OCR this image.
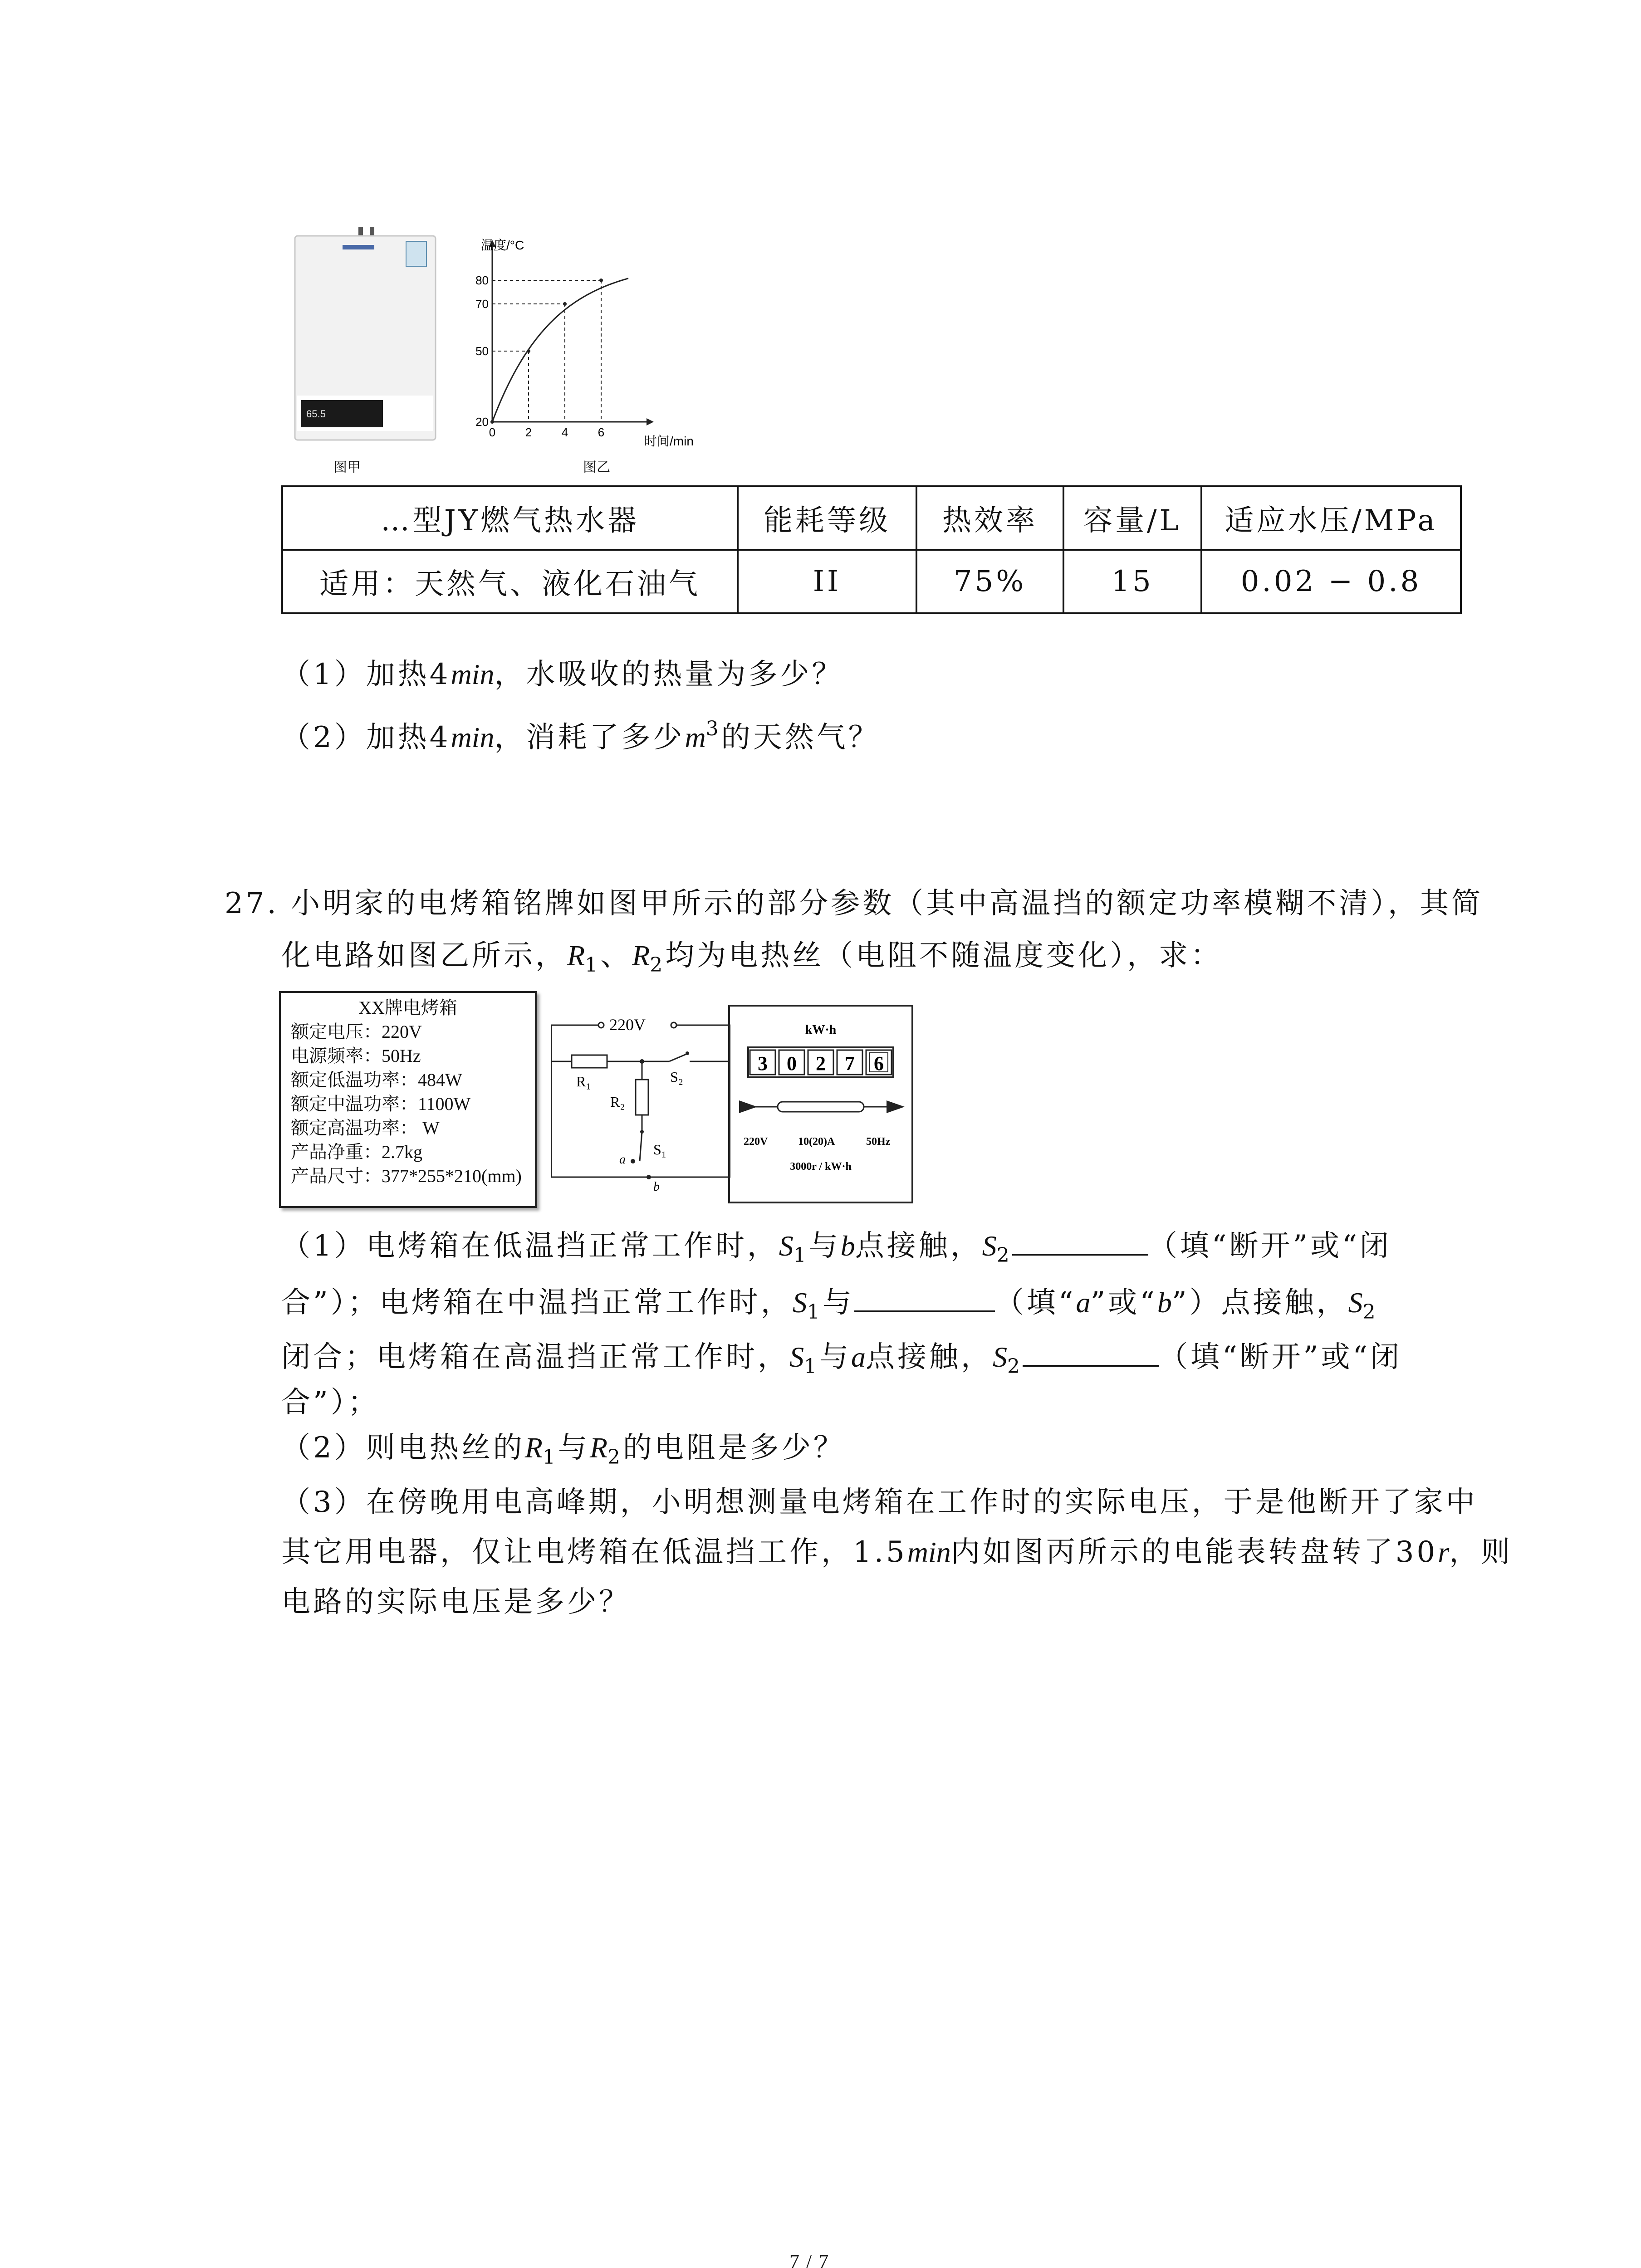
65.5
图甲
温度/°C
时间/min
20
50
70
80
0	2	4	6
图乙
…型JY燃气热水器	能耗等级	热效率	容量/L	适应水压/MPa
适用：天然气、液化石油气	II	75%	15	0.02 − 0.8
（1）加热4min，水吸收的热量为多少？
（2）加热4min，消耗了多少$m^3$的天然气？
27. 小明家的电烤箱铭牌如图甲所示的部分参数（其中高温挡的额定功率模糊不清），其简
化电路如图乙所示，$R_1$、$R_2$均为电热丝（电阻不随温度变化），求：
XX牌电烤箱
额定电压：220V
电源频率：50Hz
额定低温功率：484W
额定中温功率：1100W
额定高温功率： W
产品净重：2.7kg
产品尺寸：377*255*210(mm)
220V
R₁
R₂
S₂
S₁
a
b
kW·h
3 0 2 7 6
220V	10(20)A	50Hz
3000r / kW·h
（1）电烤箱在低温挡正常工作时，$S_1$与b点接触，$S_2$	（填“断开”或“闭
合”）；电烤箱在中温挡正常工作时，$S_1$与	（填“a”或“b”）点接触，$S_2$
闭合；电烤箱在高温挡正常工作时，$S_1$与a点接触，$S_2$	（填“断开”或“闭
合”）；
（2）则电热丝的$R_1$与$R_2$的电阻是多少？
（3）在傍晚用电高峰期，小明想测量电烤箱在工作时的实际电压，于是他断开了家中
其它用电器，仅让电烤箱在低温挡工作，1.5min内如图丙所示的电能表转盘转了30r，则
电路的实际电压是多少？
7 / 7
